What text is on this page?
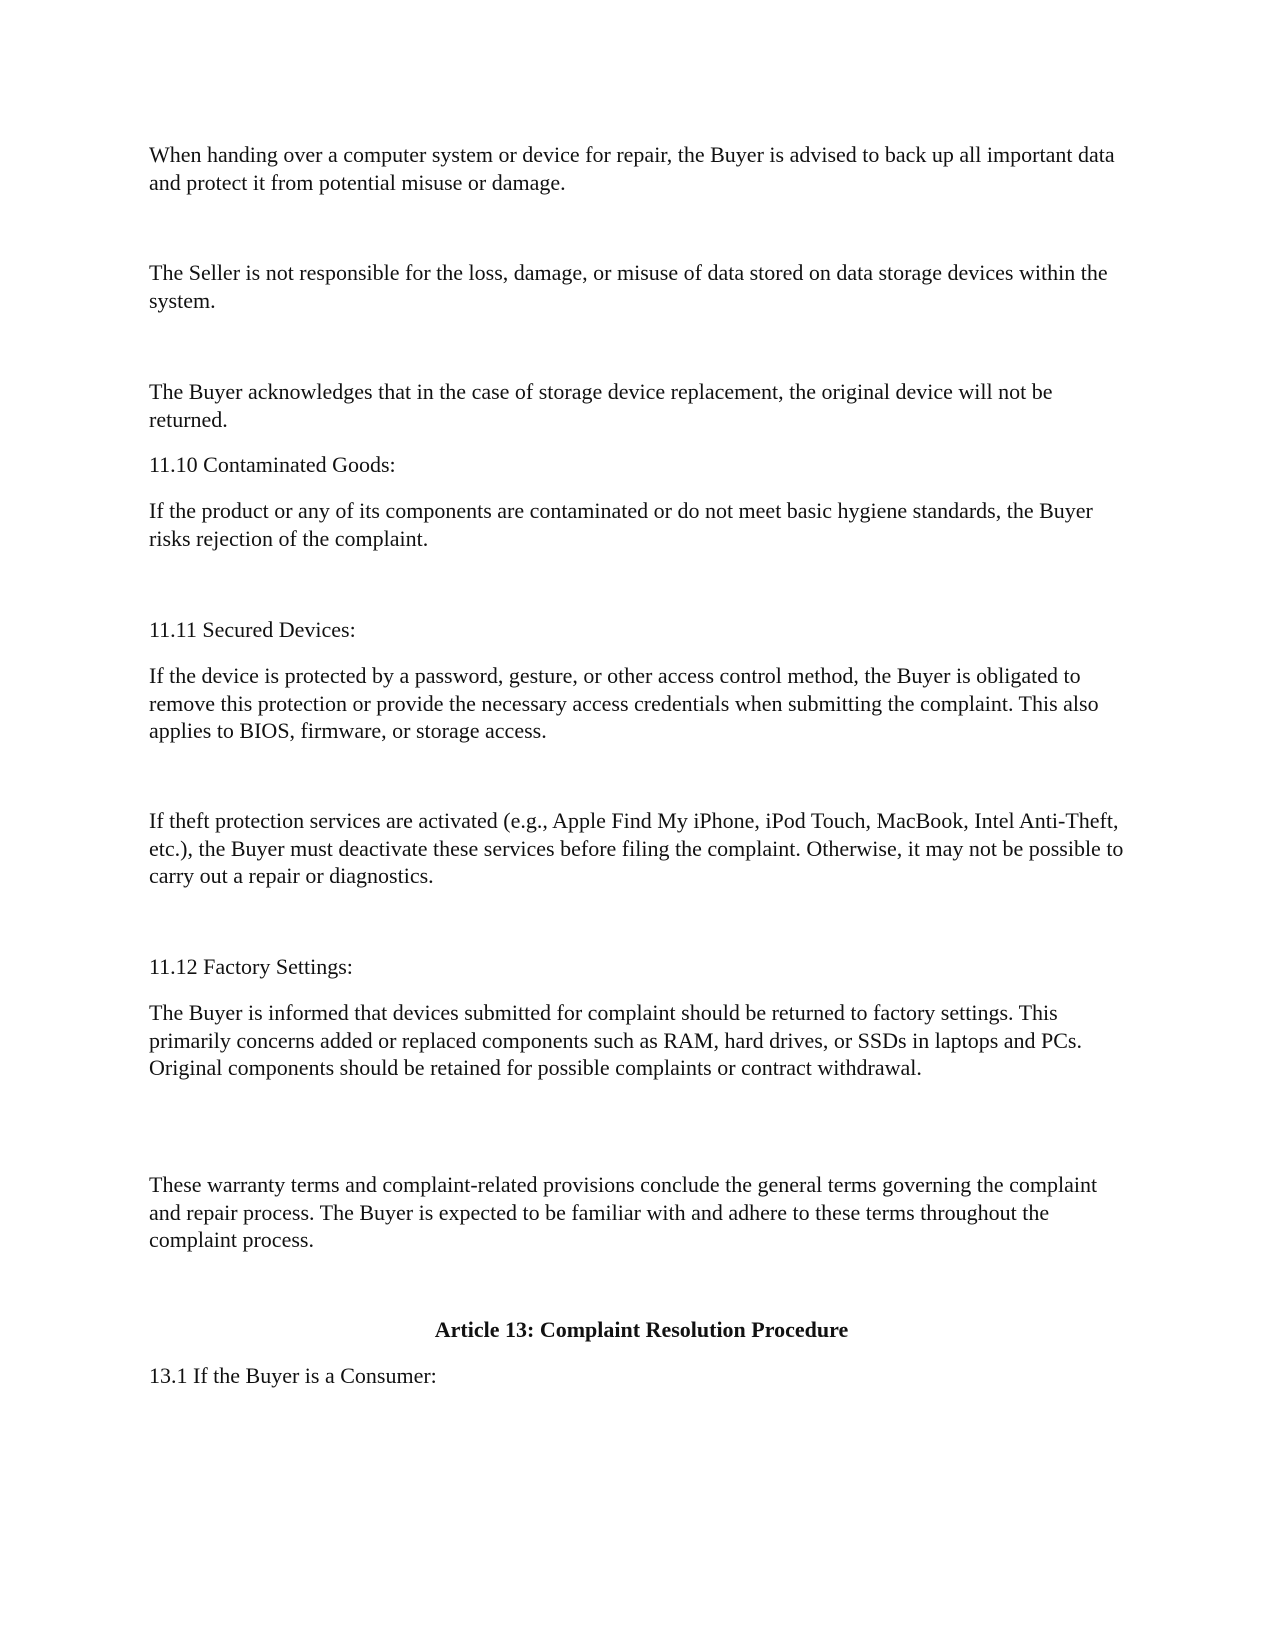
When handing over a computer system or device for repair, the Buyer is advised to back up all important data and protect it from potential misuse or damage.

The Seller is not responsible for the loss, damage, or misuse of data stored on data storage devices within the system.

The Buyer acknowledges that in the case of storage device replacement, the original device will not be returned.

11.10 Contaminated Goods:

If the product or any of its components are contaminated or do not meet basic hygiene standards, the Buyer risks rejection of the complaint.

11.11 Secured Devices:

If the device is protected by a password, gesture, or other access control method, the Buyer is obligated to remove this protection or provide the necessary access credentials when submitting the complaint. This also applies to BIOS, firmware, or storage access.

If theft protection services are activated (e.g., Apple Find My iPhone, iPod Touch, MacBook, Intel Anti-Theft, etc.), the Buyer must deactivate these services before filing the complaint. Otherwise, it may not be possible to carry out a repair or diagnostics.

11.12 Factory Settings:

The Buyer is informed that devices submitted for complaint should be returned to factory settings. This primarily concerns added or replaced components such as RAM, hard drives, or SSDs in laptops and PCs. Original components should be retained for possible complaints or contract withdrawal.

These warranty terms and complaint-related provisions conclude the general terms governing the complaint and repair process. The Buyer is expected to be familiar with and adhere to these terms throughout the complaint process.

Article 13: Complaint Resolution Procedure

13.1 If the Buyer is a Consumer:
